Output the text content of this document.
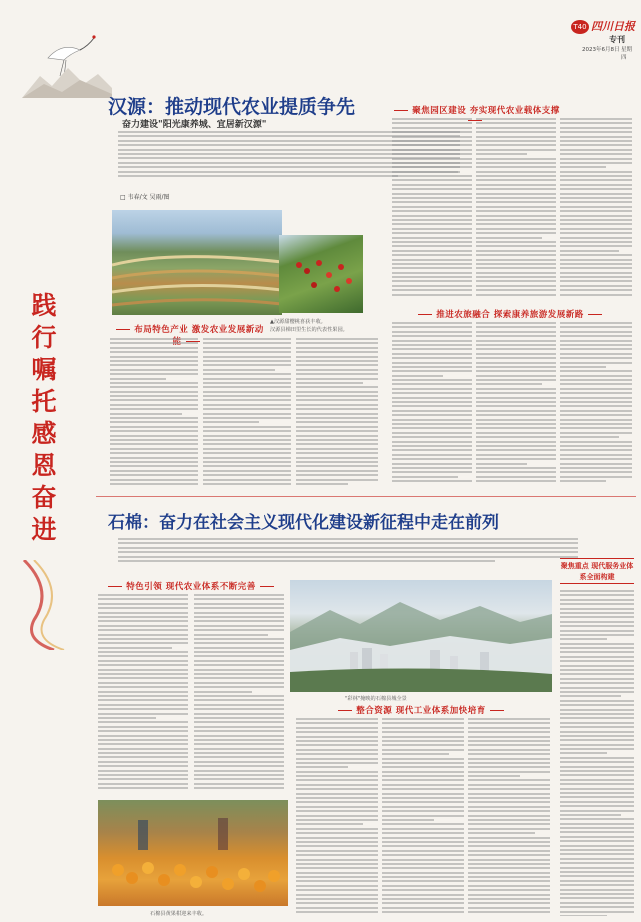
T40 四川日报
专刊
2023年6月8日 星期四
汉源：推动现代农业提质争先
奋力建设"阳光康养城、宜居新汉源"
□ 韦春/文 吴雨/图
践
行
嘱
托
感
恩
奋
进
▲汉源甜樱桃喜获丰收。
汉源县梯田里生长的代表性果园。
布局特色产业 激发农业发展新动
聚焦园区建设 夯实现代农业载体支撑
推进农旅融合 探索康养旅游发展新路
石棉：奋力在社会主义现代化建设新征程中走在前列
聚焦重点 现代服务业体系全面构建
特色引领 现代农业体系不断完善
"彩林"掩映的石棉县城全景
整合资源 现代工业体系加快培育
石棉县黄果柑迎来丰收。
